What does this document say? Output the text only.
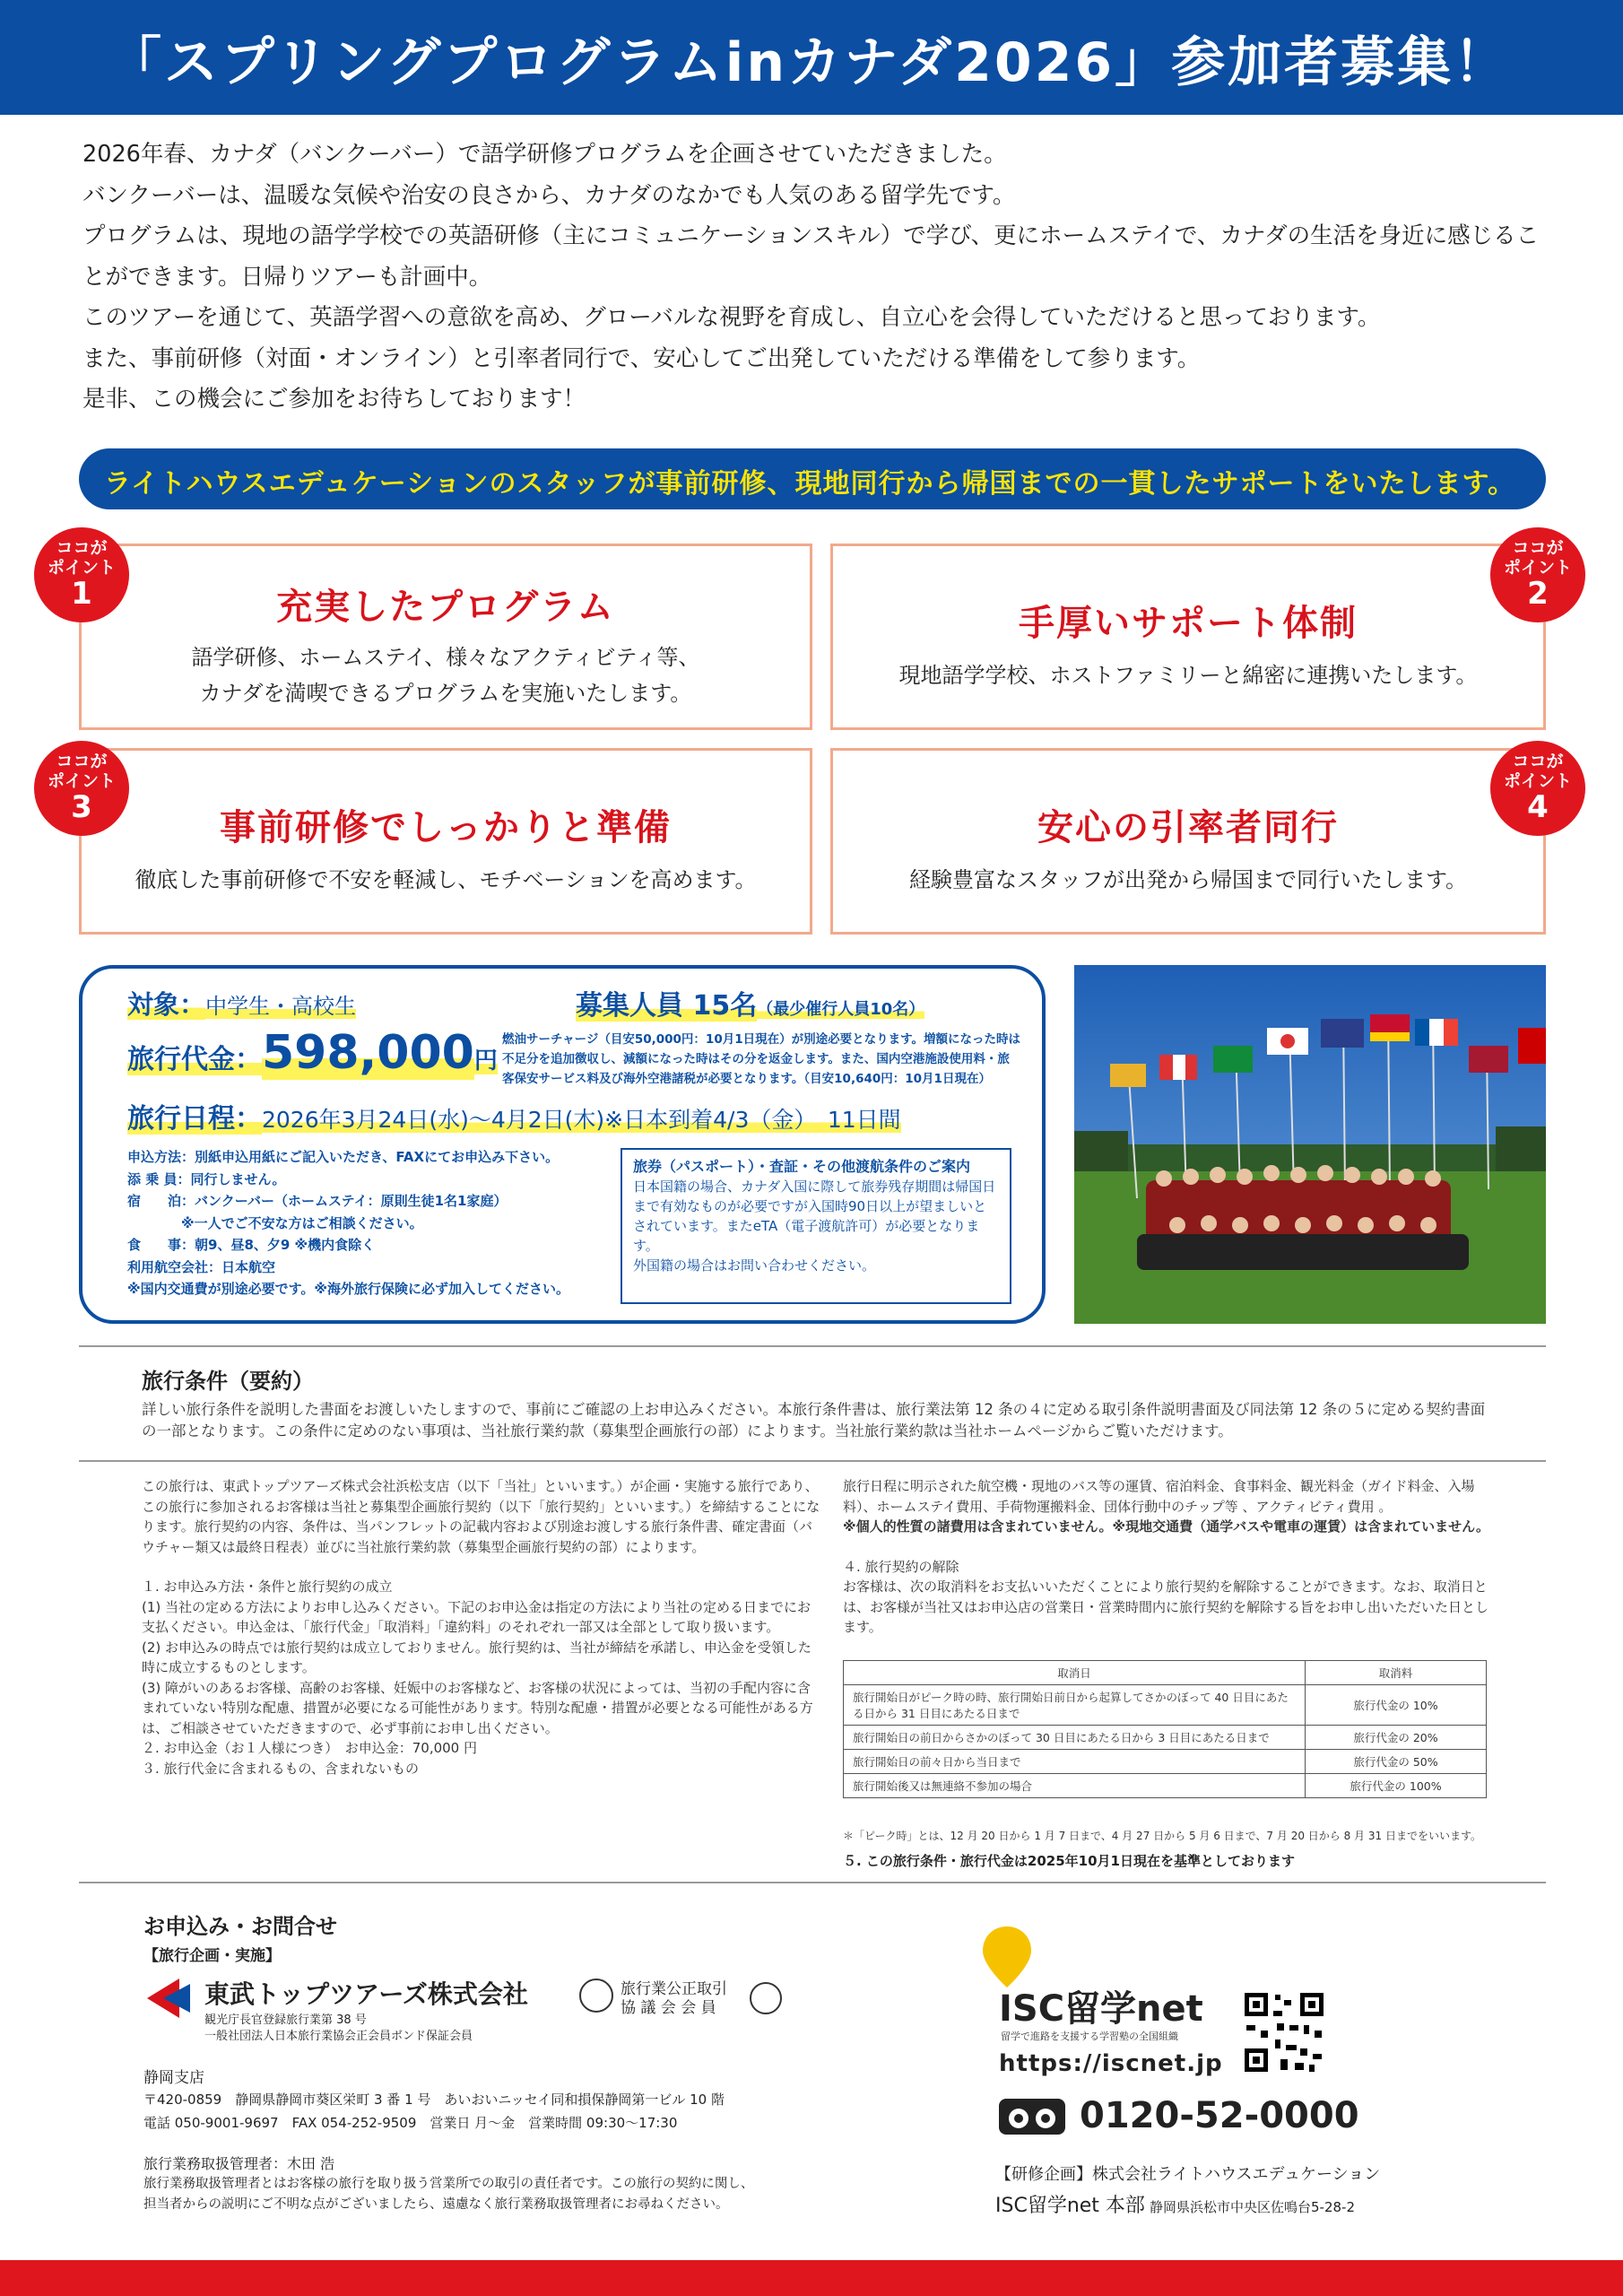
「スプリングプログラムinカナダ2026」参加者募集！

2026年春、カナダ（バンクーバー）で語学研修プログラムを企画させていただきました。

バンクーバーは、温暖な気候や治安の良さから、カナダのなかでも人気のある留学先です。

プログラムは、現地の語学学校での英語研修（主にコミュニケーションスキル）で学び、更にホームステイで、カナダの生活を身近に感じることができます。日帰りツアーも計画中。

このツアーを通じて、英語学習への意欲を高め、グローバルな視野を育成し、自立心を会得していただけると思っております。

また、事前研修（対面・オンライン）と引率者同行で、安心してご出発していただける準備をして参ります。

是非、この機会にご参加をお待ちしております！

ライトハウスエデュケーションのスタッフが事前研修、現地同行から帰国までの一貫したサポートをいたします。
充実したプログラム
語学研修、ホームステイ、様々なアクティビティ等、
カナダを満喫できるプログラムを実施いたします。
手厚いサポート体制
現地語学学校、ホストファミリーと綿密に連携いたします。
事前研修でしっかりと準備
徹底した事前研修で不安を軽減し、モチベーションを高めます。
安心の引率者同行
経験豊富なスタッフが出発から帰国まで同行いたします。
ココが
ポイント
1
ココが
ポイント
2
ココが
ポイント
3
ココが
ポイント
4
対象：中学生・高校生	募集人員 15名（最少催行人員10名）
旅行代金：598,000円
燃油サーチャージ（目安50,000円：10月1日現在）が別途必要となります。増額になった時は
不足分を追加徴収し、減額になった時はその分を返金します。また、国内空港施設使用料・旅
客保安サービス料及び海外空港諸税が必要となります。（目安10,640円：10月1日現在）
旅行日程：2026年3月24日(水)〜4月2日(木)※日本到着4/3（金）　11日間
申込方法：別紙申込用紙にご記入いただき、FAXにてお申込み下さい。
添 乗 員：同行しません。
宿　　泊：バンクーバー（ホームステイ：原則生徒1名1家庭）
　　　　※一人でご不安な方はご相談ください。
食　　事：朝9、昼8、夕9 ※機内食除く
利用航空会社：日本航空
※国内交通費が別途必要です。※海外旅行保険に必ず加入してください。
旅券（パスポート）・査証・その他渡航条件のご案内
日本国籍の場合、カナダ入国に際して旅券残存期間は帰国日まで有効なものが必要ですが入国時90日以上が望ましいとされています。またeTA（電子渡航許可）が必要となります。
外国籍の場合はお問い合わせください。
旅行条件（要約）
詳しい旅行条件を説明した書面をお渡しいたしますので、事前にご確認の上お申込みください。本旅行条件書は、旅行業法第 12 条の４に定める取引条件説明書面及び同法第 12 条の５に定める契約書面の一部となります。この条件に定めのない事項は、当社旅行業約款（募集型企画旅行の部）によります。当社旅行業約款は当社ホームページからご覧いただけます。

この旅行は、東武トップツアーズ株式会社浜松支店（以下「当社」といいます。）が企画・実施する旅行であり、この旅行に参加されるお客様は当社と募集型企画旅行契約（以下「旅行契約」といいます。）を締結することになります。旅行契約の内容、条件は、当パンフレットの記載内容および別途お渡しする旅行条件書、確定書面（バウチャー類又は最終日程表）並びに当社旅行業約款（募集型企画旅行契約の部）によります。

１. お申込み方法・条件と旅行契約の成立

(1) 当社の定める方法によりお申し込みください。下記のお申込金は指定の方法により当社の定める日までにお支払ください。申込金は、「旅行代金」「取消料」「違約料」のそれぞれ一部又は全部として取り扱います。

(2) お申込みの時点では旅行契約は成立しておりません。旅行契約は、当社が締結を承諾し、申込金を受領した時に成立するものとします。

(3) 障がいのあるお客様、高齢のお客様、妊娠中のお客様など、お客様の状況によっては、当初の手配内容に含まれていない特別な配慮、措置が必要になる可能性があります。特別な配慮・措置が必要となる可能性がある方は、ご相談させていただきますので、必ず事前にお申し出ください。

２. お申込金（お１人様につき）　お申込金：70,000 円

３. 旅行代金に含まれるもの、含まれないもの

旅行日程に明示された航空機・現地のバス等の運賃、宿泊料金、食事料金、観光料金（ガイド料金、入場料）、ホームステイ費用、手荷物運搬料金、団体行動中のチップ等 、アクティビティ費用 。

※個人的性質の諸費用は含まれていません。※現地交通費（通学バスや電車の運賃）は含まれていません。

４. 旅行契約の解除

お客様は、次の取消料をお支払いいただくことにより旅行契約を解除することができます。なお、取消日とは、お客様が当社又はお申込店の営業日・営業時間内に旅行契約を解除する旨をお申し出いただいた日とします。

取消日	取消料
旅行開始日がピーク時の時、旅行開始日前日から起算してさかのぼって 40 日目にあたる日から 31 日目にあたる日まで	旅行代金の 10%
旅行開始日の前日からさかのぼって 30 日目にあたる日から 3 日目にあたる日まで	旅行代金の 20%
旅行開始日の前々日から当日まで	旅行代金の 50%
旅行開始後又は無連絡不参加の場合	旅行代金の 100%
＊「ピーク時」とは、12 月 20 日から 1 月 7 日まで、4 月 27 日から 5 月 6 日まで、7 月 20 日から 8 月 31 日までをいいます。
５. この旅行条件・旅行代金は2025年10月1日現在を基準としております
お申込み・お問合せ
【旅行企画・実施】
東武トップツアーズ株式会社
観光庁長官登録旅行業第 38 号
一般社団法人日本旅行業協会正会員ボンド保証会員
旅行業公正取引
協 議 会 会 員
静岡支店
〒420-0859　静岡県静岡市葵区栄町 3 番 1 号　あいおいニッセイ同和損保静岡第一ビル 10 階
電話 050-9001-9697　FAX 054-252-9509　営業日 月〜金　営業時間 09:30〜17:30
旅行業務取扱管理者：木田 浩
旅行業務取扱管理者とはお客様の旅行を取り扱う営業所での取引の責任者です。この旅行の契約に関し、
担当者からの説明にご不明な点がございましたら、遠慮なく旅行業務取扱管理者にお尋ねください。
ISC留学net
留学で進路を支援する学習塾の全国組織
https://iscnet.jp
0120-52-0000
【研修企画】株式会社ライトハウスエデュケーション
ISC留学net 本部 静岡県浜松市中央区佐鳴台5-28-2
